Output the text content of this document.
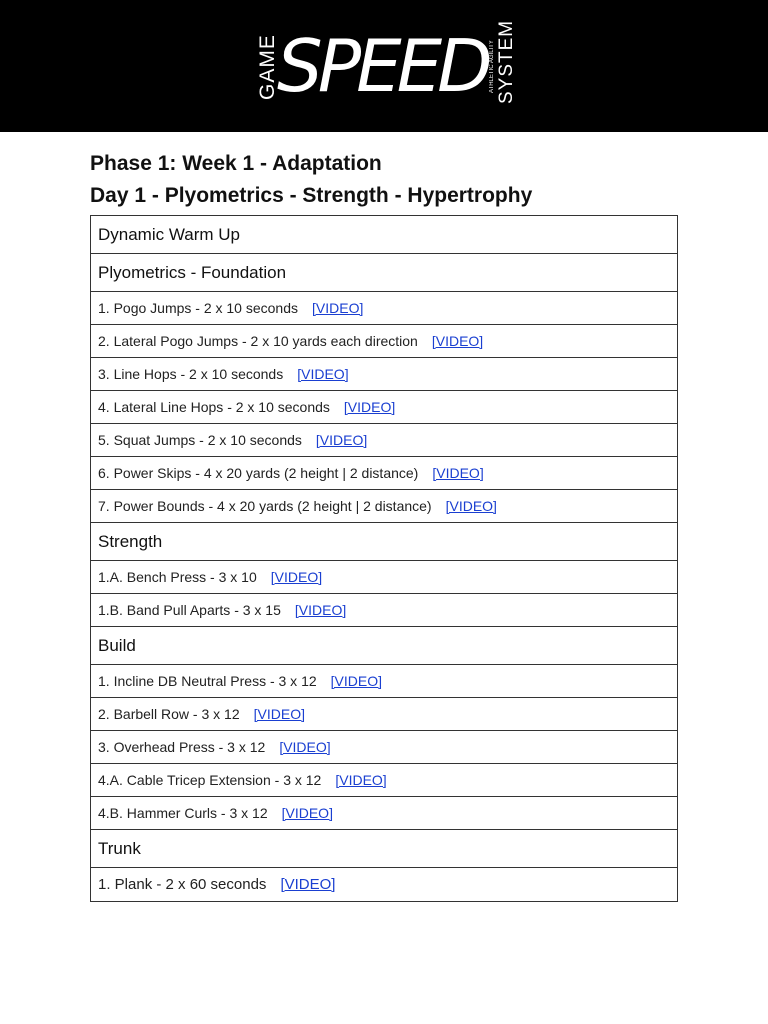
GAME
SPEED ATHLETIC AGILITY SYSTEM
Phase 1: Week 1 - Adaptation
Day 1 - Plyometrics - Strength - Hypertrophy
Dynamic Warm Up
Plyometrics - Foundation
1. Pogo Jumps - 2 x 10 seconds [VIDEO]
2. Lateral Pogo Jumps - 2 x 10 yards each direction [VIDEO]
3. Line Hops - 2 x 10 seconds [VIDEO]
4. Lateral Line Hops - 2 x 10 seconds [VIDEO]
5. Squat Jumps - 2 x 10 seconds [VIDEO]
6. Power Skips - 4 x 20 yards (2 height | 2 distance) [VIDEO]
7. Power Bounds - 4 x 20 yards (2 height | 2 distance) [VIDEO]
Strength
1.A. Bench Press - 3 x 10 [VIDEO]
1.B. Band Pull Aparts - 3 x 15 [VIDEO]
Build
1. Incline DB Neutral Press - 3 x 12 [VIDEO]
2. Barbell Row - 3 x 12 [VIDEO]
3. Overhead Press - 3 x 12 [VIDEO]
4.A. Cable Tricep Extension - 3 x 12 [VIDEO]
4.B. Hammer Curls - 3 x 12 [VIDEO]
Trunk
1. Plank - 2 x 60 seconds [VIDEO]
